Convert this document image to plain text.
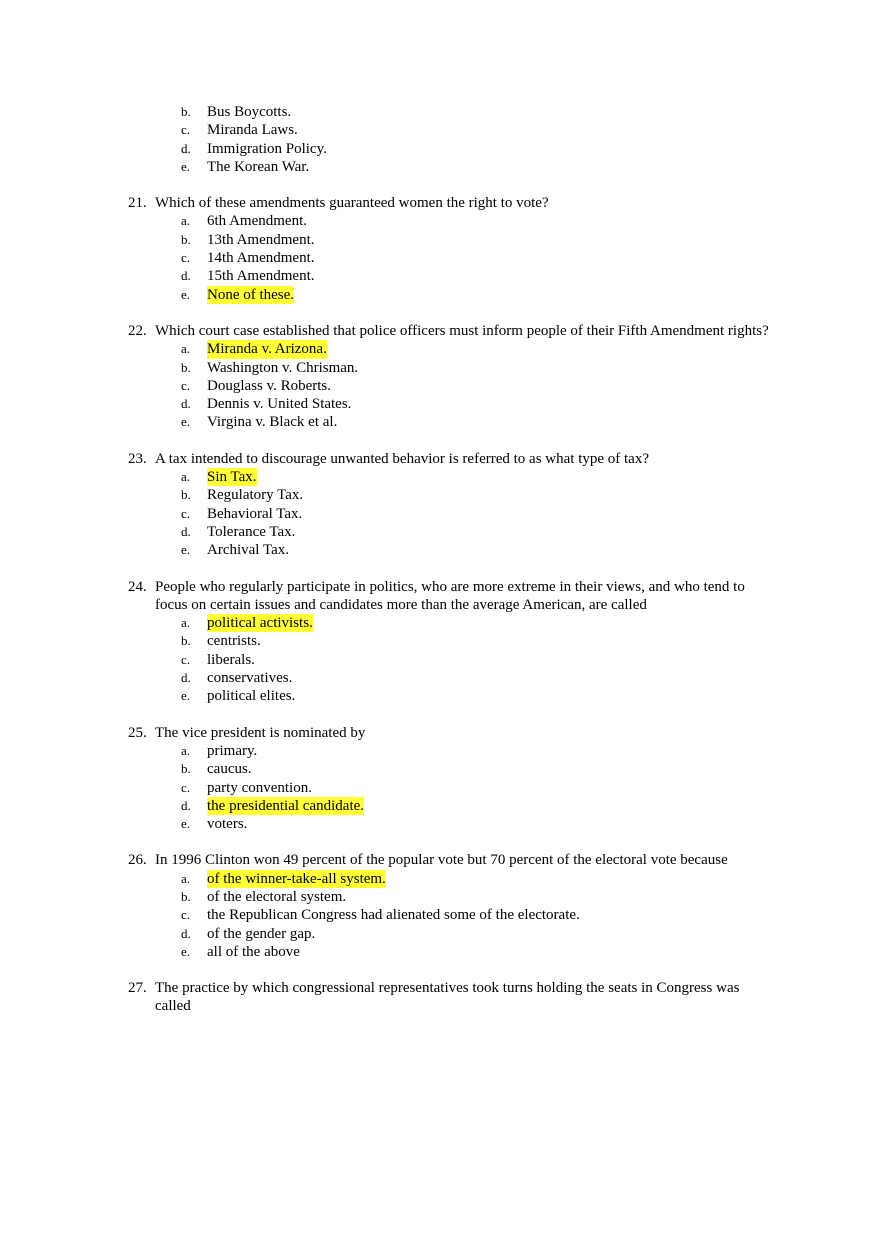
b.	Bus Boycotts.
c.	Miranda Laws.
d.	Immigration Policy.
e.	The Korean War.
21. Which of these amendments guaranteed women the right to vote?
a.	6th Amendment.
b.	13th Amendment.
c.	14th Amendment.
d.	15th Amendment.
e.	None of these.
22. Which court case established that police officers must inform people of their Fifth Amendment rights?
a.	Miranda v. Arizona.
b.	Washington v. Chrisman.
c.	Douglass v. Roberts.
d.	Dennis v. United States.
e.	Virgina v. Black et al.
23. A tax intended to discourage unwanted behavior is referred to as what type of tax?
a.	Sin Tax.
b.	Regulatory Tax.
c.	Behavioral Tax.
d.	Tolerance Tax.
e.	Archival Tax.
24. People who regularly participate in politics, who are more extreme in their views, and who tend to focus on certain issues and candidates more than the average American, are called
a.	political activists.
b.	centrists.
c.	liberals.
d.	conservatives.
e.	political elites.
25. The vice president is nominated by
a.	primary.
b.	caucus.
c.	party convention.
d.	the presidential candidate.
e.	voters.
26. In 1996 Clinton won 49 percent of the popular vote but 70 percent of the electoral vote because
a.	of the winner-take-all system.
b.	of the electoral system.
c.	the Republican Congress had alienated some of the electorate.
d.	of the gender gap.
e.	all of the above
27. The practice by which congressional representatives took turns holding the seats in Congress was called
